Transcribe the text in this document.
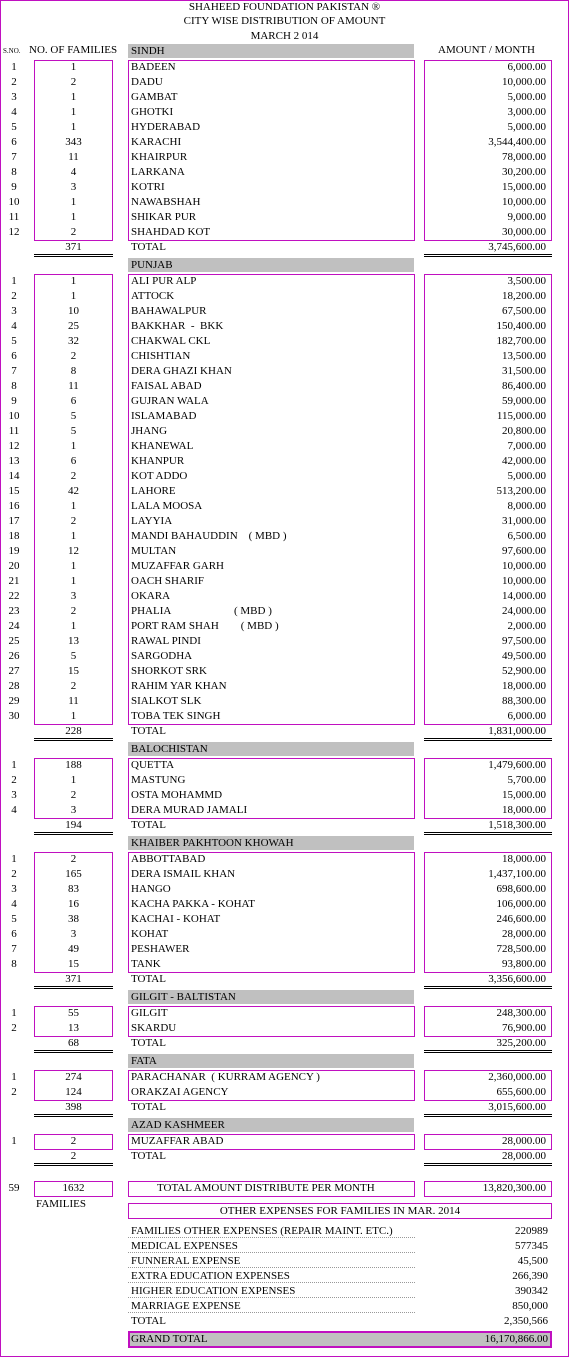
SHAHEED FOUNDATION PAKISTAN ®
CITY WISE DISTRIBUTION OF AMOUNT
MARCH 2 014
S.NO. NO. OF FAMILIES	AMOUNT / MONTH
SINDH
1	1	BADEEN	6,000.00
2	2	DADU	10,000.00
3	1	GAMBAT	5,000.00
4	1	GHOTKI	3,000.00
5	1	HYDERABAD	5,000.00
6	343	KARACHI	3,544,400.00
7	11	KHAIRPUR	78,000.00
8	4	LARKANA	30,200.00
9	3	KOTRI	15,000.00
10	1	NAWABSHAH	10,000.00
11	1	SHIKAR PUR	9,000.00
12	2	SHAHDAD KOT	30,000.00
371	TOTAL	3,745,600.00
PUNJAB
1	1	ALI PUR ALP	3,500.00
2	1	ATTOCK	18,200.00
3	10	BAHAWALPUR	67,500.00
4	25	BAKKHAR  -  BKK	150,400.00
5	32	CHAKWAL CKL	182,700.00
6	2	CHISHTIAN	13,500.00
7	8	DERA GHAZI KHAN	31,500.00
8	11	FAISAL ABAD	86,400.00
9	6	GUJRAN WALA	59,000.00
10	5	ISLAMABAD	115,000.00
11	5	JHANG	20,800.00
12	1	KHANEWAL	7,000.00
13	6	KHANPUR	42,000.00
14	2	KOT ADDO	5,000.00
15	42	LAHORE	513,200.00
16	1	LALA MOOSA	8,000.00
17	2	LAYYIA	31,000.00
18	1	MANDI BAHAUDDIN    ( MBD )	6,500.00
19	12	MULTAN	97,600.00
20	1	MUZAFFAR GARH	10,000.00
21	1	OACH SHARIF	10,000.00
22	3	OKARA	14,000.00
23	2	PHALIA                       ( MBD )	24,000.00
24	1	PORT RAM SHAH        ( MBD )	2,000.00
25	13	RAWAL PINDI	97,500.00
26	5	SARGODHA	49,500.00
27	15	SHORKOT SRK	52,900.00
28	2	RAHIM YAR KHAN	18,000.00
29	11	SIALKOT SLK	88,300.00
30	1	TOBA TEK SINGH	6,000.00
228	TOTAL	1,831,000.00
BALOCHISTAN
1	188	QUETTA	1,479,600.00
2	1	MASTUNG	5,700.00
3	2	OSTA MOHAMMD	15,000.00
4	3	DERA MURAD JAMALI	18,000.00
194	TOTAL	1,518,300.00
KHAIBER PAKHTOON KHOWAH
1	2	ABBOTTABAD	18,000.00
2	165	DERA ISMAIL KHAN	1,437,100.00
3	83	HANGO	698,600.00
4	16	KACHA PAKKA - KOHAT	106,000.00
5	38	KACHAI - KOHAT	246,600.00
6	3	KOHAT	28,000.00
7	49	PESHAWER	728,500.00
8	15	TANK	93,800.00
371	TOTAL	3,356,600.00
GILGIT - BALTISTAN
1	55	GILGIT	248,300.00
2	13	SKARDU	76,900.00
68	TOTAL	325,200.00
FATA
1	274	PARACHANAR  ( KURRAM AGENCY )	2,360,000.00
2	124	ORAKZAI AGENCY	655,600.00
398	TOTAL	3,015,600.00
AZAD KASHMEER
1	2	MUZAFFAR ABAD	28,000.00
2	TOTAL	28,000.00
59	1632	TOTAL AMOUNT DISTRIBUTE PER MONTH	13,820,300.00
FAMILIES
OTHER EXPENSES FOR FAMILIES IN MAR. 2014
FAMILIES OTHER EXPENSES (REPAIR MAINT. ETC.)	220989
MEDICAL EXPENSES	577345
FUNNERAL EXPENSE	45,500
EXTRA EDUCATION EXPENSES	266,390
HIGHER EDUCATION EXPENSES	390342
MARRIAGE EXPENSE	850,000
TOTAL	2,350,566
GRAND TOTAL	16,170,866.00
